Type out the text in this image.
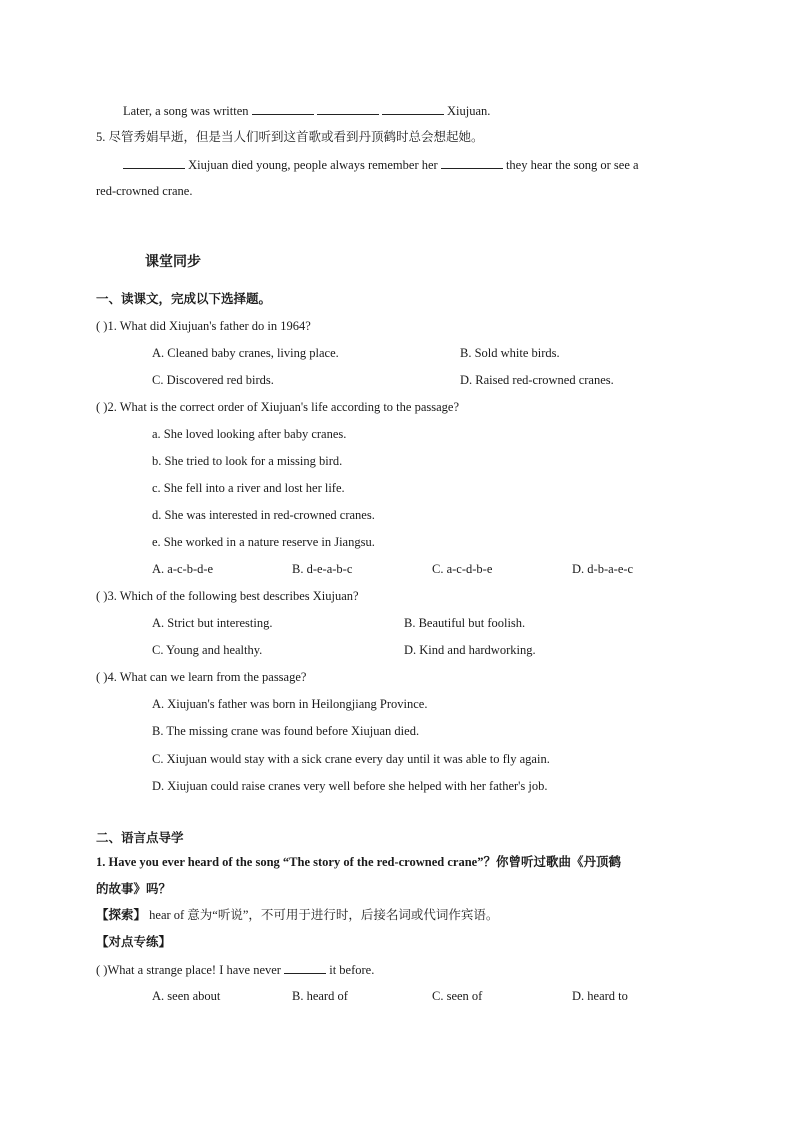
Later, a song was written	Xiujuan.
5. 尽管秀娟早逝，但是当人们听到这首歌或看到丹顶鹤时总会想起她。
Xiujuan died young, people always remember her	they hear the song or see a
red-crowned crane.
课堂同步
一、读课文，完成以下选择题。
( )1. What did Xiujuan's father do in 1964?
A. Cleaned baby cranes, living place.	B. Sold white birds.
C. Discovered red birds.	D. Raised red-crowned cranes.
( )2. What is the correct order of Xiujuan's life according to the passage?
a. She loved looking after baby cranes.
b. She tried to look for a missing bird.
c. She fell into a river and lost her life.
d. She was interested in red-crowned cranes.
e. She worked in a nature reserve in Jiangsu.
A. a-c-b-d-e	B. d-e-a-b-c	C. a-c-d-b-e	D. d-b-a-e-c
( )3. Which of the following best describes Xiujuan?
A. Strict but interesting.	B. Beautiful but foolish.
C. Young and healthy.	D. Kind and hardworking.
( )4. What can we learn from the passage?
A. Xiujuan's father was born in Heilongjiang Province.
B. The missing crane was found before Xiujuan died.
C. Xiujuan would stay with a sick crane every day until it was able to fly again.
D. Xiujuan could raise cranes very well before she helped with her father's job.
二、语言点导学
1. Have you ever heard of the song “The story of the red-crowned crane”？你曾听过歌曲《丹顶鹤
的故事》吗？
【探索】 hear of 意为“听说”，不可用于进行时，后接名词或代词作宾语。
【对点专练】
( )What a strange place! I have never	it before.
A. seen about	B. heard of	C. seen of	D. heard to
